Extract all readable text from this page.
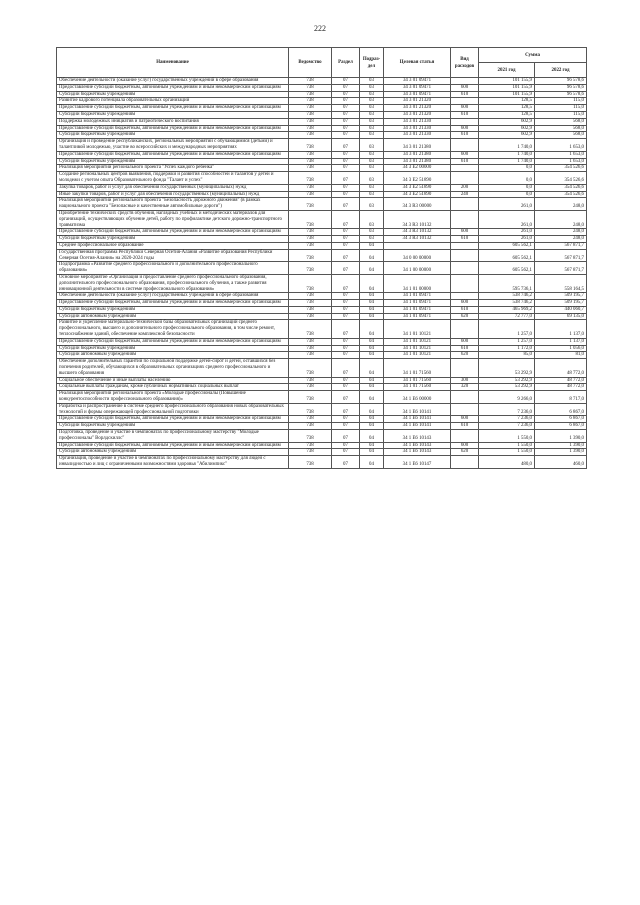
222
Наименование	Ведомство	Раздел	Подраз-дел	Целевая статья	Вид расходов	Сумма	
						2021 год	2022 год
Обеспечение деятельности (оказание услуг) государственных учреждений в сфере образования	738	07	03	34 3 01 09471		101 155,9	96 578,6
Предоставление субсидий бюджетным, автономным учреждениям и иным некоммерческим организациям	738	07	03	34 3 01 09471	600	101 155,9	96 578,6
Субсидии бюджетным учреждениям	738	07	03	34 3 01 09471	610	101 155,9	96 578,6
Развитие кадрового потенциала образовательных организаций	738	07	03	34 3 01 21320		128,5	115,0
Предоставление субсидий бюджетным, автономным учреждениям и иным некоммерческим организациям	738	07	03	34 3 01 21320	600	128,5	115,0
Субсидии бюджетным учреждениям	738	07	03	34 3 01 21320	610	128,5	115,0
Поддержка молодежных инициатив и патриотического воспитания	738	07	03	34 3 01 21330		602,9	568,0
Предоставление субсидий бюджетным, автономным учреждениям и иным некоммерческим организациям	738	07	03	34 3 01 21330	600	602,9	568,0
Субсидии бюджетным учреждениям	738	07	03	34 3 01 21330	610	602,9	568,0
Организация и проведение республиканских, региональных мероприятий с обучающимися (детьми) и талантливой молодежью, участие во всероссийских и международных мероприятиях	738	07	03	34 3 01 21380		1 740,0	1 653,0
Предоставление субсидий бюджетным, автономным учреждениям и иным некоммерческим организациям	738	07	03	34 3 01 21380	600	1 740,0	1 653,0
Субсидии бюджетным учреждениям	738	07	03	34 3 01 21380	610	1 740,0	1 653,0
Реализация мероприятий регионального проекта "Успех каждого ребенка"	738	07	03	34 3 E2 00000		0,0	354 526,6
Создание региональных центров выявления, поддержки и развития способностей и талантов у детей и молодежи с учетом опыта Образовательного фонда "Талант и успех"	738	07	03	34 3 E2 51890		0,0	354 526,6
Закупка товаров, работ и услуг для обеспечения государственных (муниципальных) нужд	738	07	03	34 3 E2 51890	200	0,0	354 526,6
Иные закупки товаров, работ и услуг для обеспечения государственных (муниципальных) нужд	738	07	03	34 3 E2 51890	240	0,0	354 526,6
Реализация мероприятий регионального проекта "Безопасность дорожного движения" (в рамках национального проекта "Безопасные и качественные автомобильные дороги")	738	07	03	34 3 R3 00000		261,0	248,0
Приобретение технических средств обучения, наглядных учебных и методических материалов для организаций, осуществляющих обучение детей, работу по профилактике детского дорожно-транспортного травматизма	738	07	03	34 3 R3 10132		261,0	248,0
Предоставление субсидий бюджетным, автономным учреждениям и иным некоммерческим организациям	738	07	03	34 3 R3 10132	600	261,0	248,0
Субсидии бюджетным учреждениям	738	07	03	34 3 R3 10132	610	261,0	248,0
Среднее профессиональное образование	738	07	04			605 562,1	567 871,7
Государственная программа Республики Северная Осетия-Алания «Развитие образования Республики Северная Осетия-Алания» на 2020-2024 годы	738	07	04	34 0 00 00000		605 562,1	567 871,7
Подпрограмма «Развитие среднего профессионального и дополнительного профессионального образования»	738	07	04	34 1 00 00000		605 562,1	567 871,7
Основное мероприятие «Организация и предоставление среднего профессионального образования, дополнительного профессионального образования, профессионального обучения, а также развития инновационной деятельности в системе профессионального образования»	738	07	04	34 1 01 00000		595 736,1	558 164,5
Обеспечение деятельности (оказание услуг) государственных учреждений в сфере образования	738	07	04	34 1 01 09471		538 746,2	509 195,7
Предоставление субсидий бюджетным, автономным учреждениям и иным некоммерческим организациям	738	07	04	34 1 01 09471	600	538 746,2	509 195,7
Субсидии бюджетным учреждениям	738	07	04	34 1 01 09471	610	465 969,2	440 060,7
Субсидии автономным учреждениям	738	07	04	34 1 01 09471	620	72 777,0	69 135,0
Развитие и укрепление материально-технической базы образовательных организаций среднего профессионального, высшего и дополнительного профессионального образования, в том числе ремонт, теплоснабжение зданий, обеспечение комплексной безопасности	738	07	04	34 1 01 10121		1 257,0	1 137,0
Предоставление субсидий бюджетным, автономным учреждениям и иным некоммерческим организациям	738	07	04	34 1 01 10121	600	1 257,0	1 137,0
Субсидии бюджетным учреждениям	738	07	04	34 1 01 10121	610	1 172,0	1 056,0
Субсидии автономным учреждениям	738	07	04	34 1 01 10121	620	85,0	81,0
Обеспечение дополнительных гарантий по социальной поддержке детей-сирот и детей, оставшихся без попечения родителей, обучающихся в образовательных организациях среднего профессионального и высшего образования	738	07	04	34 1 01 71560		53 292,9	48 772,0
Социальное обеспечение и иные выплаты населению	738	07	04	34 1 01 71560	300	53 292,9	48 772,0
Социальные выплаты гражданам, кроме публичных нормативных социальных выплат	738	07	04	34 1 01 71560	320	53 292,9	48 772,0
Реализация мероприятий регионального проекта «Молодые профессионалы (Повышение конкурентоспособности профессионального образования)»	738	07	04	34 1 E6 00000		9 266,0	8 717,0
Разработка и распространение в системе среднего профессионального образования новых образовательных технологий и формы опережающей профессиональной подготовки	738	07	04	34 1 E6 10141		7 236,0	6 867,0
Предоставление субсидий бюджетным, автономным учреждениям и иным некоммерческим организациям	738	07	04	34 1 E6 10141	600	7 236,0	6 867,0
Субсидии бюджетным учреждениям	738	07	04	34 1 E6 10141	610	7 236,0	6 867,0
Подготовка, проведение и участие в чемпионатах по профессиональному мастерству "Молодые профессионалы" Ворлдскиллс"	738	07	04	34 1 E6 10143		1 550,0	1 390,0
Предоставление субсидий бюджетным, автономным учреждениям и иным некоммерческим организациям	738	07	04	34 1 E6 10143	600	1 550,0	1 390,0
Субсидии автономным учреждениям	738	07	04	34 1 E6 10143	620	1 550,0	1 390,0
Организация, проведение и участие в чемпионатах по профессиональному мастерству для людей с инвалидностью и лиц с ограниченными возможностями здоровья "Абилимпикс"	738	07	04	34 1 E6 10147		480,0	460,0
